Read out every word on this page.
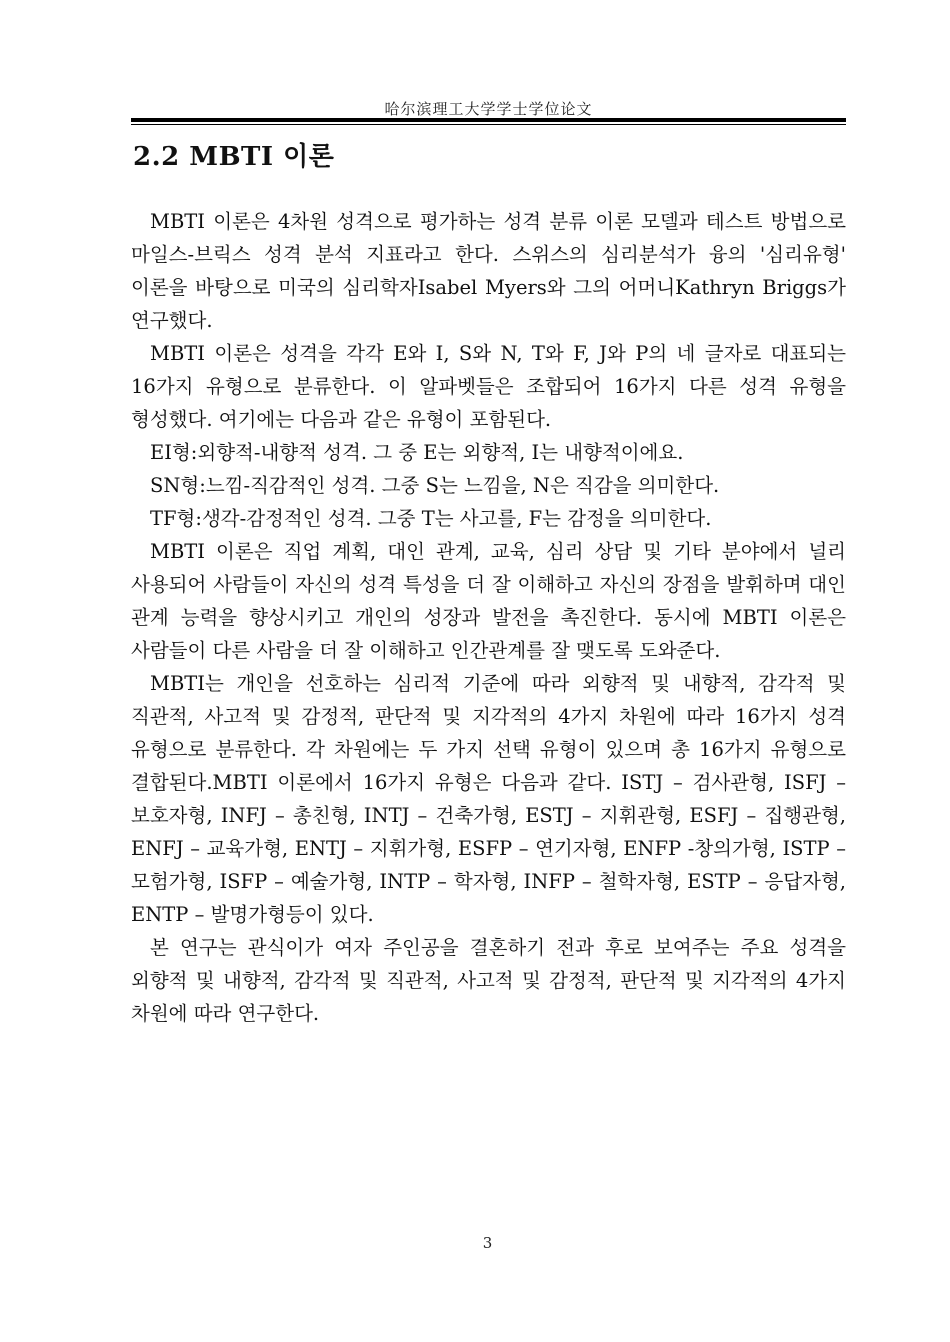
哈尔滨理工大学学士学位论文
2.2 MBTI 이론

MBTI 이론은 4차원 성격으로 평가하는 성격 분류 이론 모델과 테스트 방법으로 마일스-브릭스 성격 분석 지표라고 한다. 스위스의 심리분석가 융의 '심리유형' 이론을 바탕으로 미국의 심리학자Isabel Myers와 그의 어머니Kathryn Briggs가 연구했다.

MBTI 이론은 성격을 각각 E와 I, S와 N, T와 F, J와 P의 네 글자로 대표되는 16가지 유형으로 분류한다. 이 알파벳들은 조합되어 16가지 다른 성격 유형을 형성했다. 여기에는 다음과 같은 유형이 포함된다.

EI형:외향적-내향적 성격. 그 중 E는 외향적, I는 내향적이에요.

SN형:느낌-직감적인 성격. 그중 S는 느낌을, N은 직감을 의미한다.

TF형:생각-감정적인 성격. 그중 T는 사고를, F는 감정을 의미한다.

MBTI 이론은 직업 계획, 대인 관계, 교육, 심리 상담 및 기타 분야에서 널리 사용되어 사람들이 자신의 성격 특성을 더 잘 이해하고 자신의 장점을 발휘하며 대인 관계 능력을 향상시키고 개인의 성장과 발전을 촉진한다. 동시에 MBTI 이론은 사람들이 다른 사람을 더 잘 이해하고 인간관계를 잘 맺도록 도와준다.

MBTI는 개인을 선호하는 심리적 기준에 따라 외향적 및 내향적, 감각적 및 직관적, 사고적 및 감정적, 판단적 및 지각적의 4가지 차원에 따라 16가지 성격 유형으로 분류한다. 각 차원에는 두 가지 선택 유형이 있으며 총 16가지 유형으로 결합된다.MBTI 이론에서 16가지 유형은 다음과 같다. ISTJ – 검사관형, ISFJ – 보호자형, INFJ – 총친형, INTJ – 건축가형, ESTJ – 지휘관형, ESFJ – 집행관형, ENFJ – 교육가형, ENTJ – 지휘가형, ESFP – 연기자형, ENFP -창의가형, ISTP – 모험가형, ISFP – 예술가형, INTP – 학자형, INFP – 철학자형, ESTP – 응답자형, ENTP – 발명가형등이 있다.

본 연구는 관식이가 여자 주인공을 결혼하기 전과 후로 보여주는 주요 성격을 외향적 및 내향적, 감각적 및 직관적, 사고적 및 감정적, 판단적 및 지각적의 4가지 차원에 따라 연구한다.

3
